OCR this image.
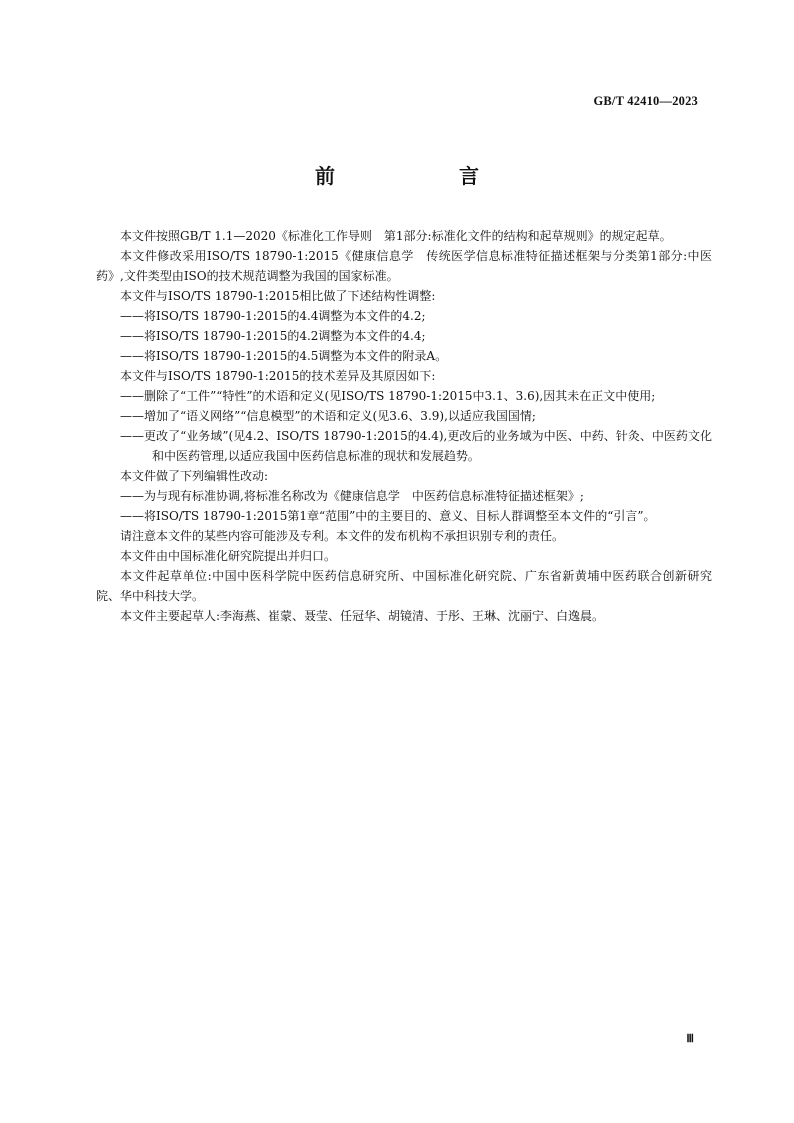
GB/T 42410—2023
前　　言

本文件按照GB/T 1.1—2020《标准化工作导则　第1部分:标准化文件的结构和起草规则》的规定起草。

本文件修改采用ISO/TS 18790-1:2015《健康信息学　传统医学信息标准特征描述框架与分类第1部分:中医药》,文件类型由ISO的技术规范调整为我国的国家标准。

本文件与ISO/TS 18790-1:2015相比做了下述结构性调整:

——将ISO/TS 18790-1:2015的4.4调整为本文件的4.2;

——将ISO/TS 18790-1:2015的4.2调整为本文件的4.4;

——将ISO/TS 18790-1:2015的4.5调整为本文件的附录A。

本文件与ISO/TS 18790-1:2015的技术差异及其原因如下:

——删除了“工件”“特性”的术语和定义(见ISO/TS 18790-1:2015中3.1、3.6),因其未在正文中使用;

——增加了“语义网络”“信息模型”的术语和定义(见3.6、3.9),以适应我国国情;

——更改了“业务域”(见4.2、ISO/TS 18790-1:2015的4.4),更改后的业务域为中医、中药、针灸、中医药文化和中医药管理,以适应我国中医药信息标准的现状和发展趋势。

本文件做了下列编辑性改动:

——为与现有标准协调,将标准名称改为《健康信息学　中医药信息标准特征描述框架》;

——将ISO/TS 18790-1:2015第1章“范围”中的主要目的、意义、目标人群调整至本文件的“引言”。

请注意本文件的某些内容可能涉及专利。本文件的发布机构不承担识别专利的责任。

本文件由中国标准化研究院提出并归口。

本文件起草单位:中国中医科学院中医药信息研究所、中国标准化研究院、广东省新黄埔中医药联合创新研究院、华中科技大学。

本文件主要起草人:李海燕、崔蒙、聂莹、任冠华、胡镜清、于彤、王琳、沈丽宁、白逸晨。

Ⅲ
